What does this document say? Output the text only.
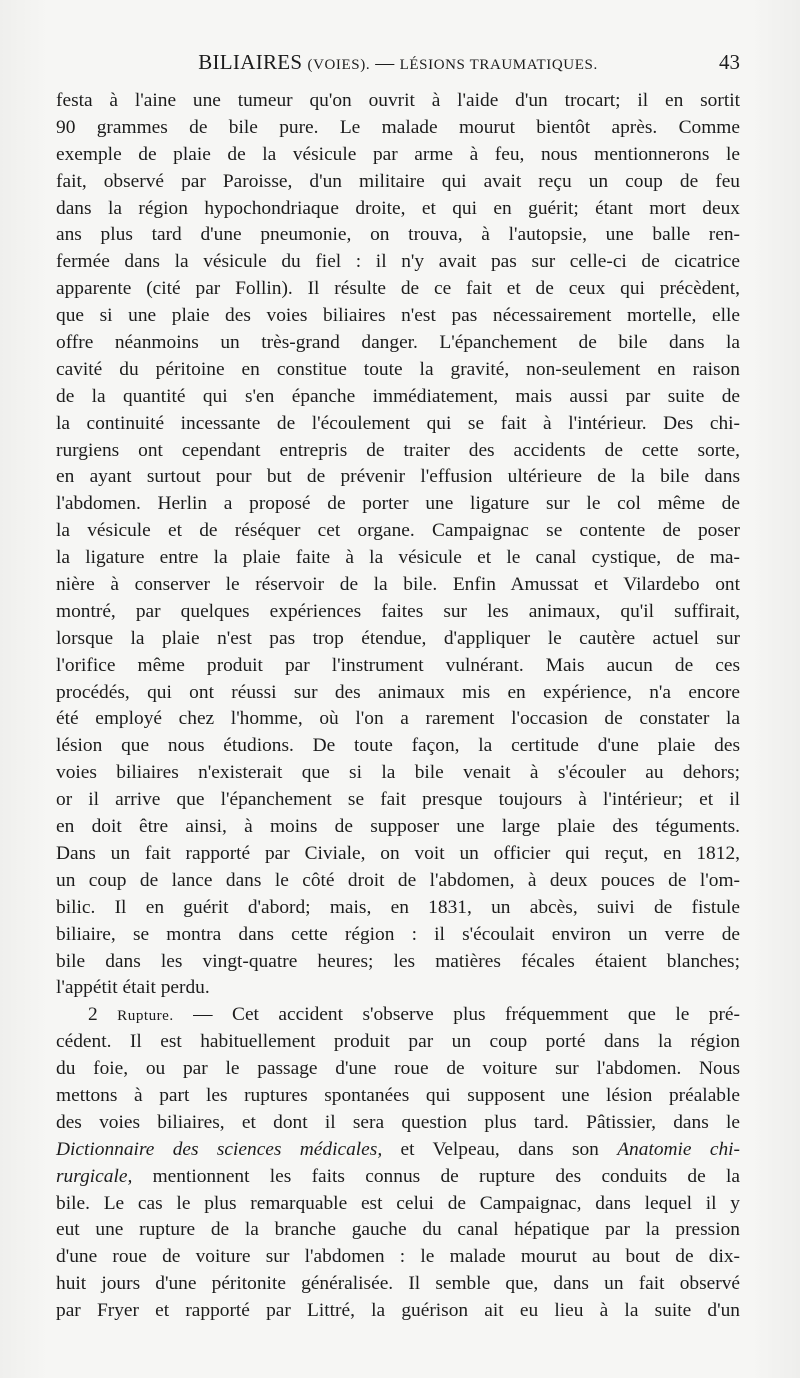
BILIAIRES (VOIES). — LÉSIONS TRAUMATIQUES.	43
festa à l'aine une tumeur qu'on ouvrit à l'aide d'un trocart; il en sortit
90 grammes de bile pure. Le malade mourut bientôt après. Comme
exemple de plaie de la vésicule par arme à feu, nous mentionnerons le
fait, observé par Paroisse, d'un militaire qui avait reçu un coup de feu
dans la région hypochondriaque droite, et qui en guérit; étant mort deux
ans plus tard d'une pneumonie, on trouva, à l'autopsie, une balle ren-
fermée dans la vésicule du fiel : il n'y avait pas sur celle-ci de cicatrice
apparente (cité par Follin). Il résulte de ce fait et de ceux qui précèdent,
que si une plaie des voies biliaires n'est pas nécessairement mortelle, elle
offre néanmoins un très-grand danger. L'épanchement de bile dans la
cavité du péritoine en constitue toute la gravité, non-seulement en raison
de la quantité qui s'en épanche immédiatement, mais aussi par suite de
la continuité incessante de l'écoulement qui se fait à l'intérieur. Des chi-
rurgiens ont cependant entrepris de traiter des accidents de cette sorte,
en ayant surtout pour but de prévenir l'effusion ultérieure de la bile dans
l'abdomen. Herlin a proposé de porter une ligature sur le col même de
la vésicule et de réséquer cet organe. Campaignac se contente de poser
la ligature entre la plaie faite à la vésicule et le canal cystique, de ma-
nière à conserver le réservoir de la bile. Enfin Amussat et Vilardebo ont
montré, par quelques expériences faites sur les animaux, qu'il suffirait,
lorsque la plaie n'est pas trop étendue, d'appliquer le cautère actuel sur
l'orifice même produit par l'instrument vulnérant. Mais aucun de ces
procédés, qui ont réussi sur des animaux mis en expérience, n'a encore
été employé chez l'homme, où l'on a rarement l'occasion de constater la
lésion que nous étudions. De toute façon, la certitude d'une plaie des
voies biliaires n'existerait que si la bile venait à s'écouler au dehors;
or il arrive que l'épanchement se fait presque toujours à l'intérieur; et il
en doit être ainsi, à moins de supposer une large plaie des téguments.
Dans un fait rapporté par Civiale, on voit un officier qui reçut, en 1812,
un coup de lance dans le côté droit de l'abdomen, à deux pouces de l'om-
bilic. Il en guérit d'abord; mais, en 1831, un abcès, suivi de fistule
biliaire, se montra dans cette région : il s'écoulait environ un verre de
bile dans les vingt-quatre heures; les matières fécales étaient blanches;
l'appétit était perdu.
2 Rupture. — Cet accident s'observe plus fréquemment que le pré-
cédent. Il est habituellement produit par un coup porté dans la région
du foie, ou par le passage d'une roue de voiture sur l'abdomen. Nous
mettons à part les ruptures spontanées qui supposent une lésion préalable
des voies biliaires, et dont il sera question plus tard. Pâtissier, dans le
Dictionnaire des sciences médicales, et Velpeau, dans son Anatomie chi-
rurgicale, mentionnent les faits connus de rupture des conduits de la
bile. Le cas le plus remarquable est celui de Campaignac, dans lequel il y
eut une rupture de la branche gauche du canal hépatique par la pression
d'une roue de voiture sur l'abdomen : le malade mourut au bout de dix-
huit jours d'une péritonite généralisée. Il semble que, dans un fait observé
par Fryer et rapporté par Littré, la guérison ait eu lieu à la suite d'un
